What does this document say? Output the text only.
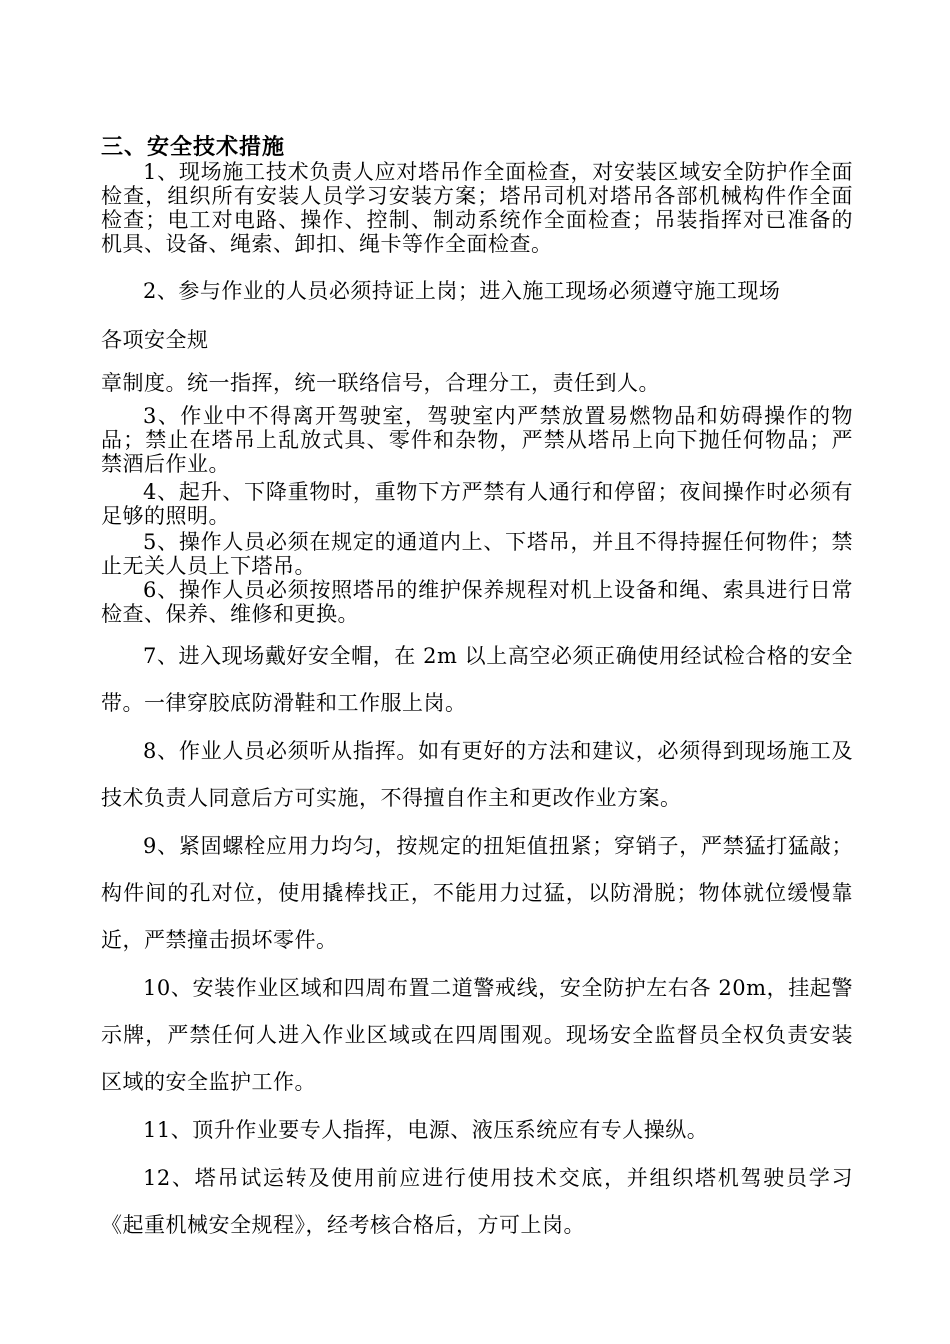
三、安全技术措施

1、现场施工技术负责人应对塔吊作全面检查，对安装区域安全防护作全面检查，组织所有安装人员学习安装方案；塔吊司机对塔吊各部机械构件作全面检查；电工对电路、操作、控制、制动系统作全面检查；吊装指挥对已准备的机具、设备、绳索、卸扣、绳卡等作全面检查。

2、参与作业的人员必须持证上岗；进入施工现场必须遵守施工现场

各项安全规

章制度。统一指挥，统一联络信号，合理分工，责任到人。

3、作业中不得离开驾驶室，驾驶室内严禁放置易燃物品和妨碍操作的物品；禁止在塔吊上乱放式具、零件和杂物，严禁从塔吊上向下抛任何物品；严禁酒后作业。

4、起升、下降重物时，重物下方严禁有人通行和停留；夜间操作时必须有足够的照明。

5、操作人员必须在规定的通道内上、下塔吊，并且不得持握任何物件；禁止无关人员上下塔吊。

6、操作人员必须按照塔吊的维护保养规程对机上设备和绳、索具进行日常检查、保养、维修和更换。

7、进入现场戴好安全帽，在 2m 以上高空必须正确使用经试检合格的安全带。一律穿胶底防滑鞋和工作服上岗。

8、作业人员必须听从指挥。如有更好的方法和建议，必须得到现场施工及技术负责人同意后方可实施，不得擅自作主和更改作业方案。

9、紧固螺栓应用力均匀，按规定的扭矩值扭紧；穿销子，严禁猛打猛敲；构件间的孔对位，使用撬棒找正，不能用力过猛，以防滑脱；物体就位缓慢靠近，严禁撞击损坏零件。

10、安装作业区域和四周布置二道警戒线，安全防护左右各 20m，挂起警示牌，严禁任何人进入作业区域或在四周围观。现场安全监督员全权负责安装区域的安全监护工作。

11、顶升作业要专人指挥，电源、液压系统应有专人操纵。

12、塔吊试运转及使用前应进行使用技术交底，并组织塔机驾驶员学习《起重机械安全规程》，经考核合格后，方可上岗。
